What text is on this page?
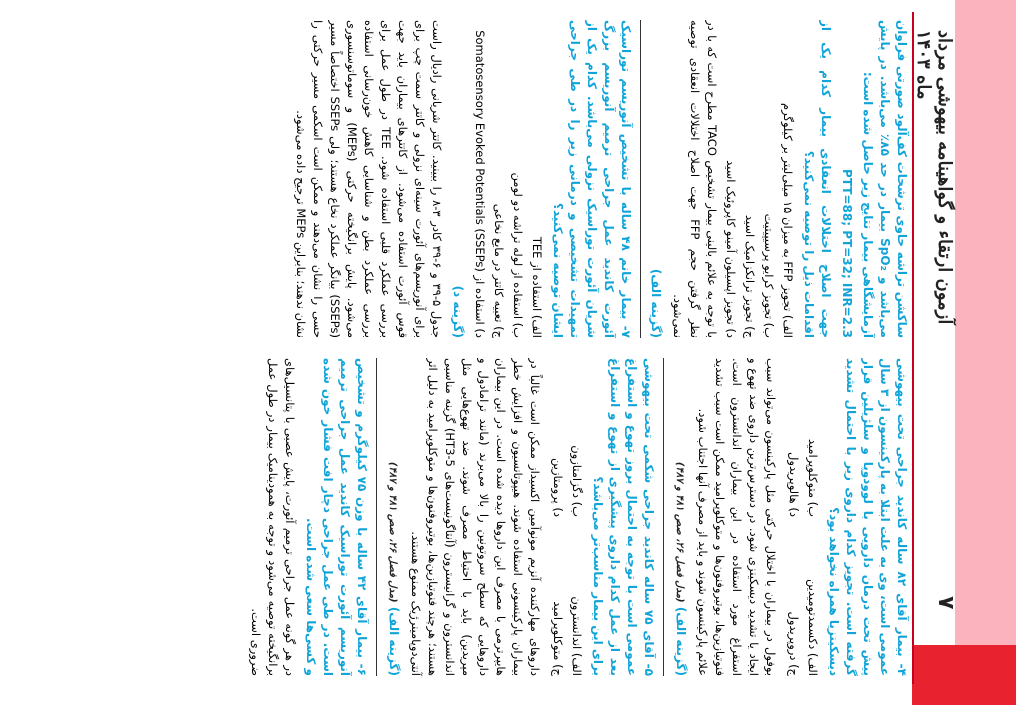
آزمون ارتقاء و گواهینامه بیهوشی مرداد ماه ۱۴۰۳
۷
۴- بیمار آقای ۸۲ ساله کاندید جراحی تحت بیهوشی عمومی است، وی به علت ابتلا به پارکینسون از ۳ سال پیش تحت درمان دارویی با لوودوپا و سلژیلین قرار گرفته است. تجویز کدام داروی زیر با احتمال تشدید دیسکینزیا همراه نخواهد بود؟
الف) دکسمدتومیدین
ب) متوکلوپرامید
ج) دروپریدول
د) هالوپریدول

بوفول در بیماران با اختلال حرکتی مثل پارکینسون می‌تواند سبب ایجاد یا تشدید دیسکینزی شود. در دسترس‌ترین داروی ضد تهوع و استفراغ مورد استفاده در این بیماران اندانسترون است. فنوتیازین‌ها، بوتیروفنون‌ها و متوکلوپرامید ممکن است سبب تشدید علائم پارکینسون شوند و باید از مصرف آنها اجتناب شود.

(گزینه الف) (مدل فصل ۲۶، صص ۴۸۱ و ۴۸۷)
۵- آقای ۷۵ ساله کاندید جراحی شکمی تحت بیهوشی عمومی است با توجه به احتمال بروز تهوع و استفراغ بعد از عمل کدام داروی پیشگیری از تهوع و استفراغ برای این بیمار مناسب‌تر می‌باشد؟
الف) اندانسترون
ب) دگزامتازون
ج) متوکلوپرامید
د) پرومتازین

داروهای مهارکننده آنزیم مونوآمین اکسیداز ممکن است غالباً در بیماران پارکینسونی استفاده شوند. هیپوتانسیون و افزایش خطر هایپرترمی با مصرف این داروها دیده شده است. در این بیماران داروهایی که سطح سروتونین را بالا می‌برند (مانند ترامادول و مپریدین) باید با احتیاط مصرف شوند. ضد تهوع‌هایی مثل اندانسترون و گرانیسترون (آنتاگونیست‌های 5-HT3) گزینه مناسبی هستند؛ هرچند فنوتیازین‌ها، بوتیروفنون‌ها و متوکلوپرامید به دلیل اثر آنتی‌دوپامینرژیک ممنوع هستند.

(گزینه الف) (مدل فصل ۲۶، صص ۴۸۱ و ۴۸۷)
۶- بیمار آقای ۴۲ ساله با وزن ۷۵ کیلوگرم و تشخیص آنوریسم آئورت توراسیک کاندید عمل جراحی ترمیم است. در طی عمل جراحی دچار افت فشار خون شده و کسی‌ها سعی شده است.

در هر گونه عمل جراحی ترمیم آئورت، پایش عصبی با پتانسیل‌های برانگیخته توصیه می‌شود و توجه به همودینامیک بیمار در طول عمل ضروری است.

ساکشن تراشه حاوی ترشحات کف‌آلود صورتی فراوان می‌باشد و SpO₂ بیمار در حد ۸۵٪ می‌باشد. در پایش آزمایشگاهی بیمار نتایج زیر حاصل شده است:
PTT=88; PT=32; INR=2.3
جهت اصلاح اختلالات انعقادی بیمار کدام یک از اقدامات ذیل را توصیه نمی‌کنید؟
الف) تجویز FFP به میزان ۱۵ میلی‌لیتر بر کیلوگرم
ب) تجویز کرایو پرسیپیتیت
ج) تجویز ترانکزامیک اسید
د) تجویز اپسیلون آمینو کاپروئیک اسید

با توجه به علائم بالینی بیمار تشخیص TACO مطرح است که با در نظر گرفتن حجم FFP جهت اصلاح اختلالات انعقادی توصیه نمی‌شود.

(گزینه الف)
۷- بیمار خانم ۴۸ ساله با تشخیص آنوریسم توراسیک آئورت کاندید عمل جراحی ترمیم آنوریسم بزرگ شریان آئورت توراسیک نزولی می‌باشد. کدام یک از تمهیدات تشخیصی و درمانی زیر را در طی جراحی ایشان توصیه نمی‌کنید؟
الف) استفاده از TEE
ب) استفاده از لوله تراشه دو لومن
ج) تعبیه کاتتر در مایع نخاعی
د) استفاده از Somatosensory Evoked Potentials (SSEPs)
(گزینه د)

جدول ۵-۳۹ و ۶-۳۹ کادر ۳-۸ را ببینید. کاتتر شریانی رادیال راست برای آنوریسم‌های آئورت سینه‌ای نزولی و کاتتر سمت چپ برای قوس آئورت استفاده می‌شود. از کاتترهای بیماران باید جهت بررسی عملکرد قلبی استفاده شود. TEE در طول عمل برای بررسی عملکرد بطن و شناسایی کاهش خون‌رسانی استفاده می‌شود. پایش برانگیخته حرکتی (MEPs) و سوماتوسنسوری (SSEPs) بیانگر عملکرد نخاع هستند؛ ولی SSEPs اختصاصاً مسیر حسی را نشان می‌دهند و ممکن است اسکمی مسیر حرکتی را نشان ندهند؛ بنابراین MEPs ترجیح داده می‌شود.
